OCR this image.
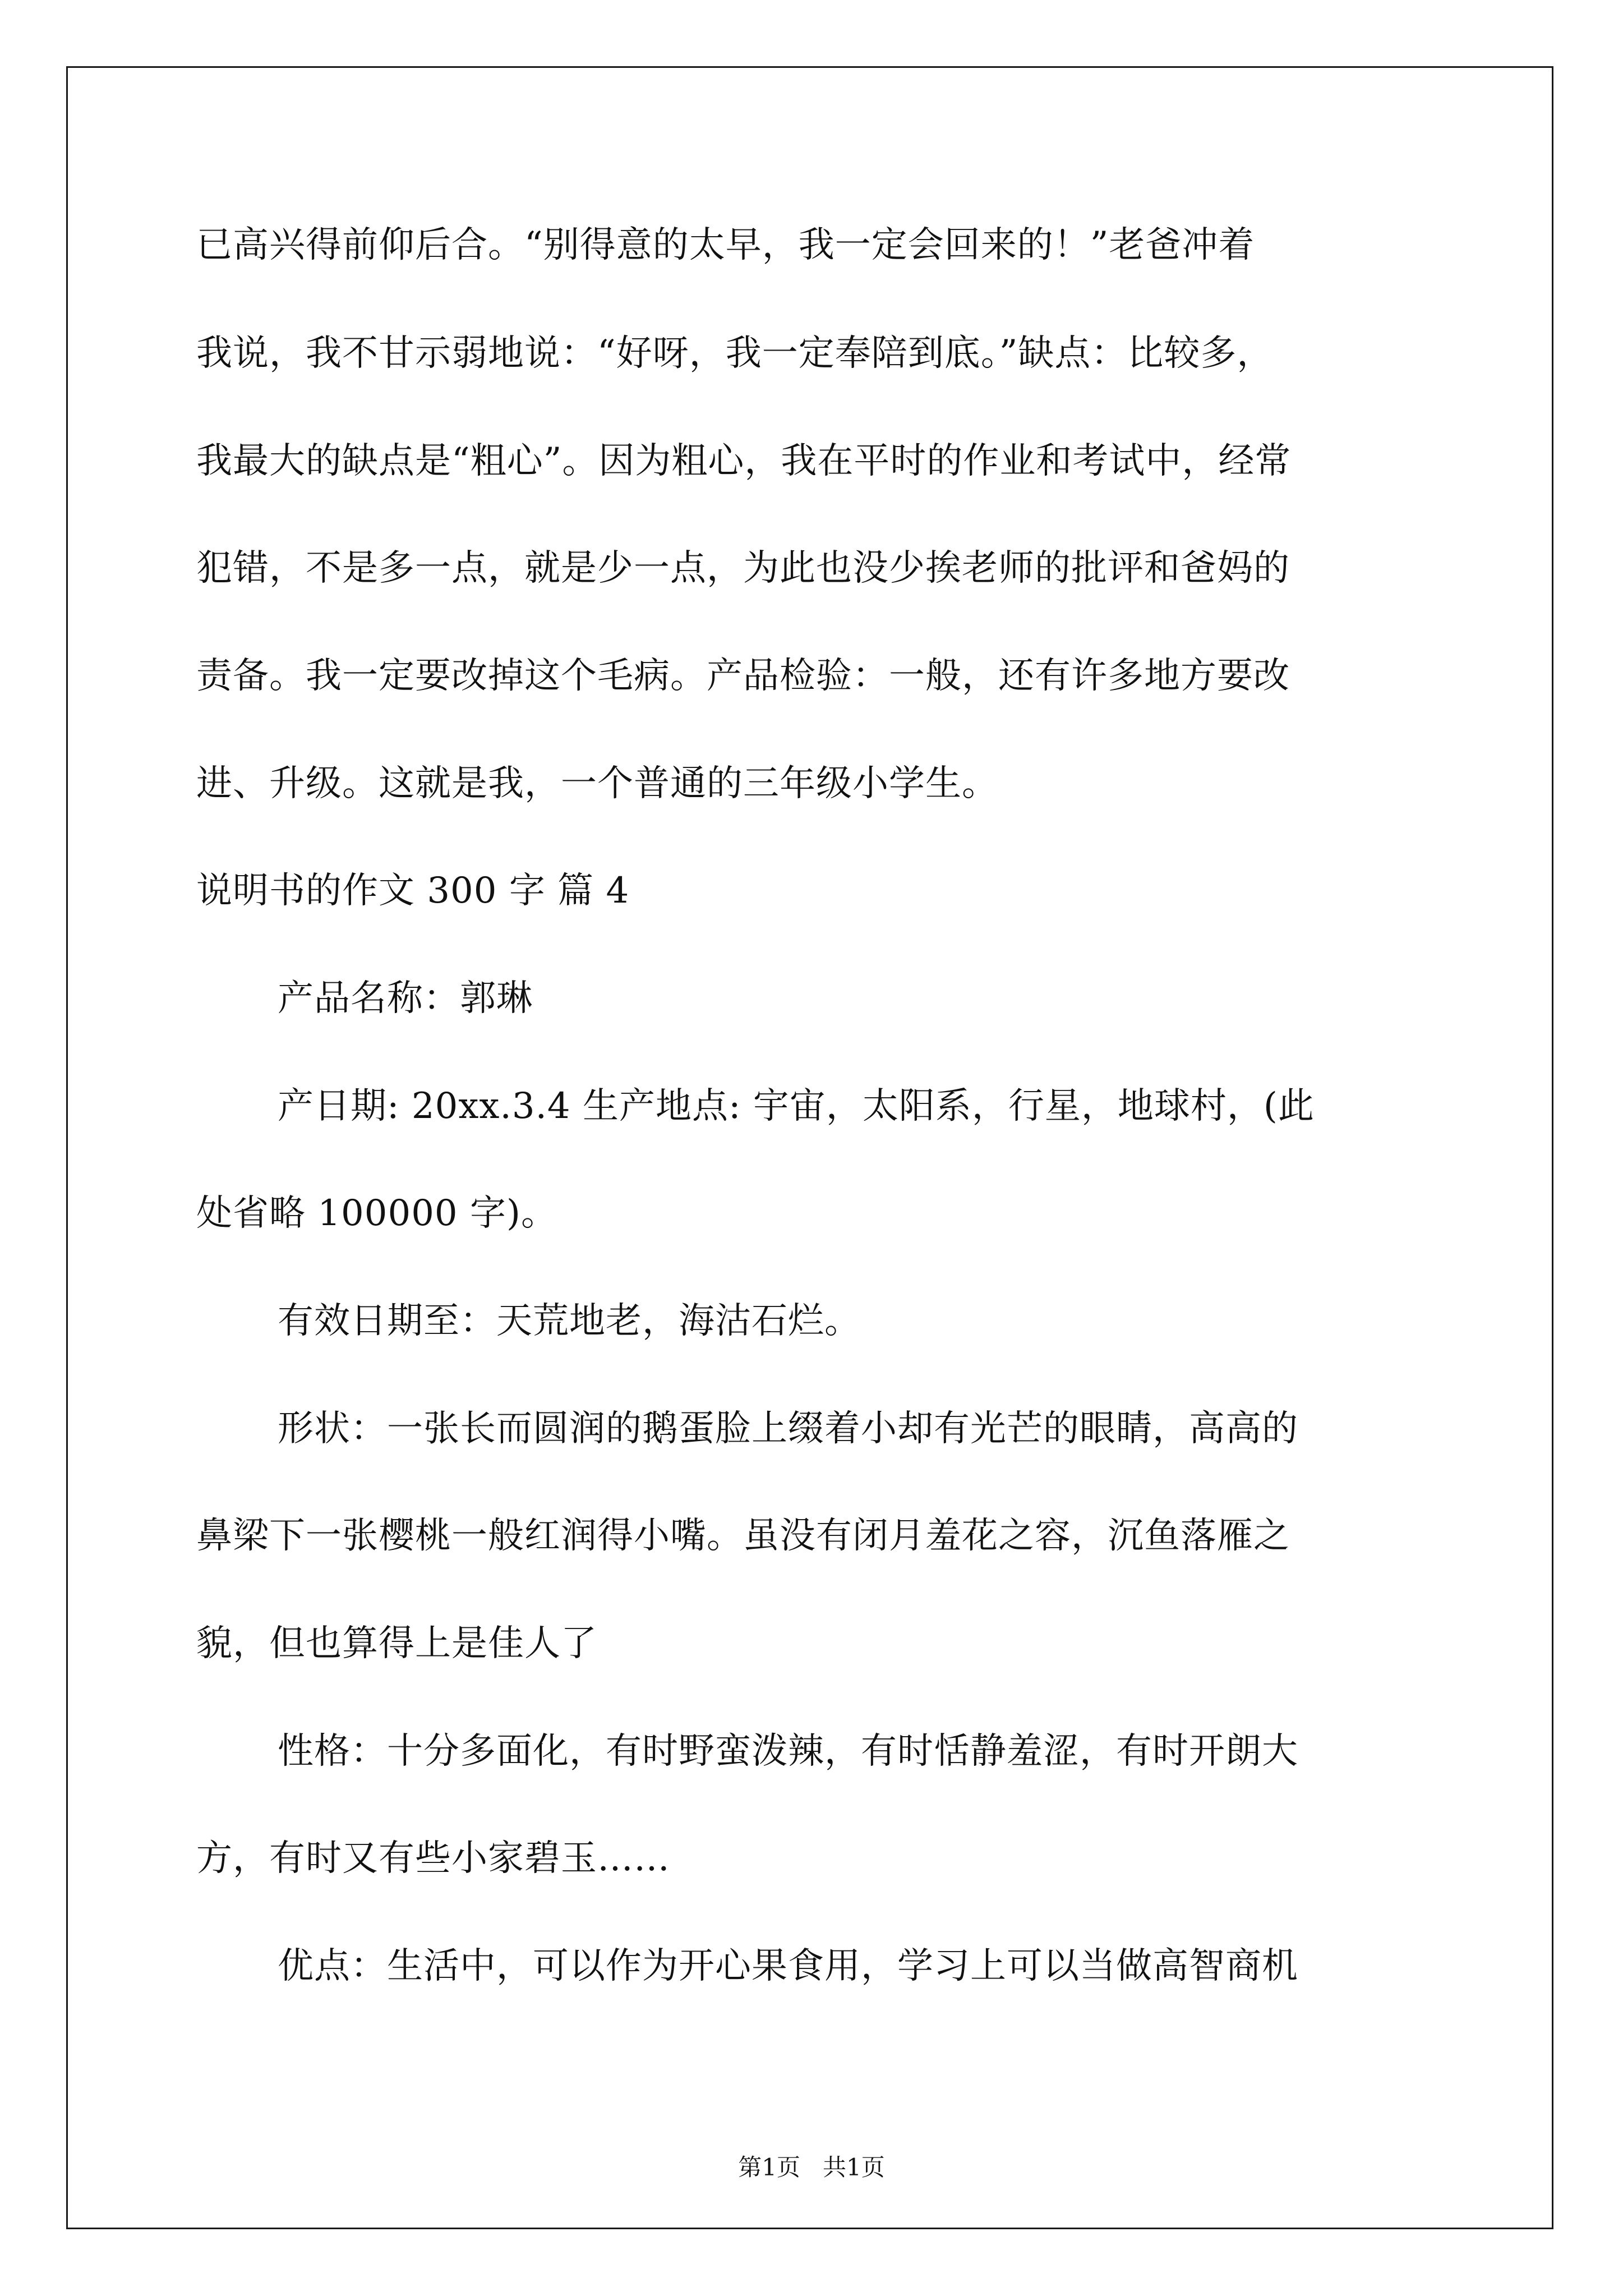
已高兴得前仰后合。“别得意的太早，我一定会回来的！”老爸冲着
我说，我不甘示弱地说：“好呀，我一定奉陪到底。”缺点：比较多，
我最大的缺点是“粗心”。因为粗心，我在平时的作业和考试中，经常
犯错，不是多一点，就是少一点，为此也没少挨老师的批评和爸妈的
责备。我一定要改掉这个毛病。产品检验：一般，还有许多地方要改
进、升级。这就是我，一个普通的三年级小学生。
说明书的作文 300 字 篇 4
产品名称：郭琳
产日期: 20xx.3.4 生产地点: 宇宙，太阳系，行星，地球村，(此
处省略 100000 字)。
有效日期至：天荒地老，海沽石烂。
形状：一张长而圆润的鹅蛋脸上缀着小却有光芒的眼睛，高高的
鼻梁下一张樱桃一般红润得小嘴。虽没有闭月羞花之容，沉鱼落雁之
貌，但也算得上是佳人了
性格：十分多面化，有时野蛮泼辣，有时恬静羞涩，有时开朗大
方，有时又有些小家碧玉……
优点：生活中，可以作为开心果食用，学习上可以当做高智商机
第1页   共1页
